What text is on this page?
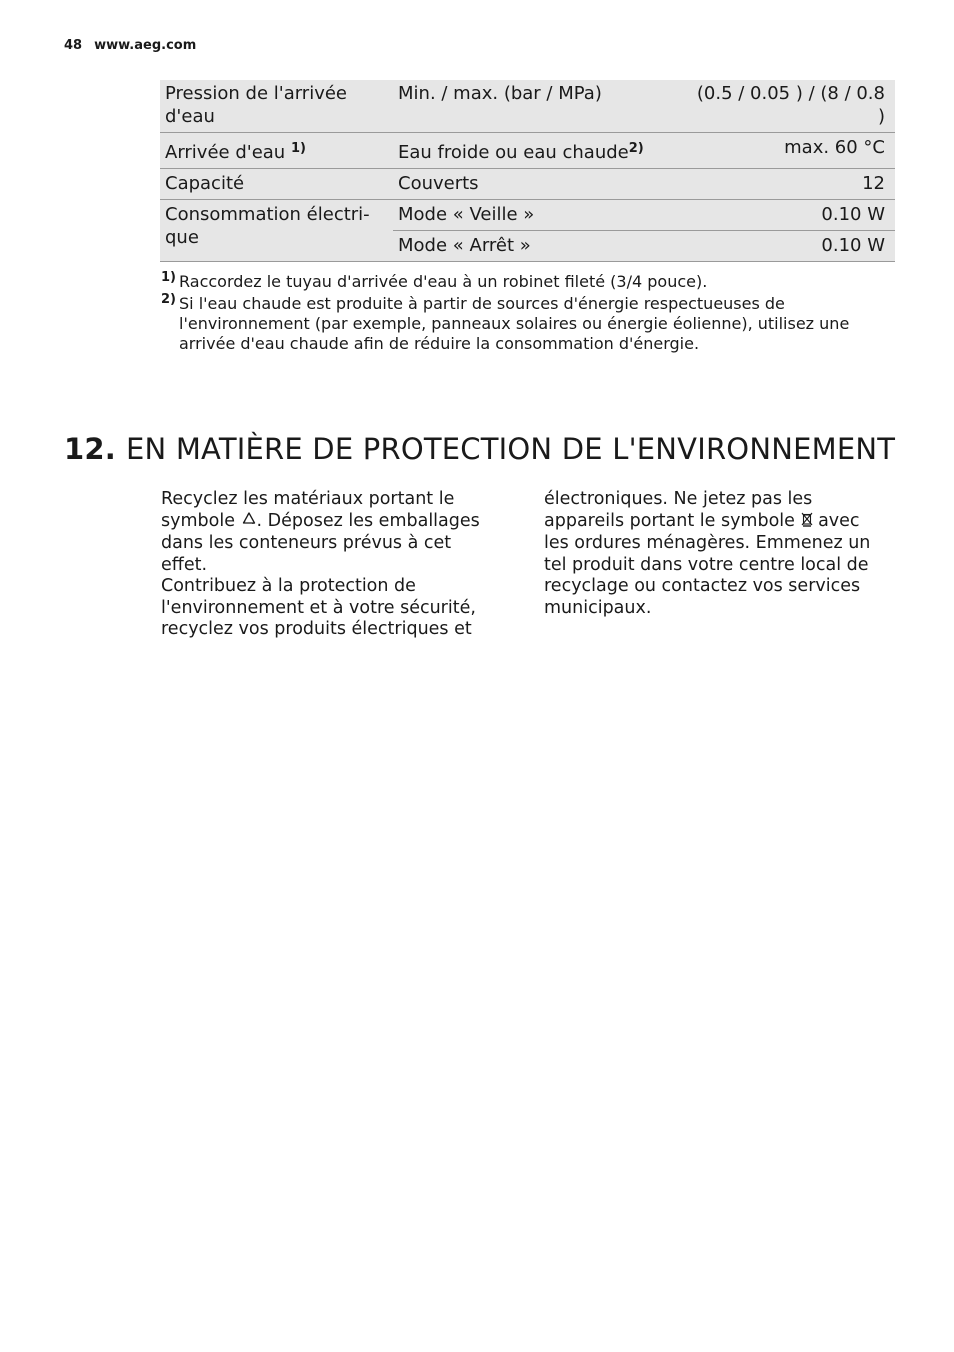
48 www.aeg.com
Pression de l'arrivée d'eau	Min. / max. (bar / MPa)	(0.5 / 0.05 ) / (8 / 0.8 )
Arrivée d'eau $^{1)}$	Eau froide ou eau chaude$^{2)}$	max. 60 °C
Capacité	Couverts	12
Consommation électri- que	Mode « Veille »	0.10 W
	Mode « Arrêt »	0.10 W
1) Raccordez le tuyau d'arrivée d'eau à un robinet fileté (3/4 pouce).
2) Si l'eau chaude est produite à partir de sources d'énergie respectueuses de l'environnement (par exemple, panneaux solaires ou énergie éolienne), utilisez une arrivée d'eau chaude afin de réduire la consommation d'énergie.
12. EN MATIÈRE DE PROTECTION DE L'ENVIRONNEMENT

Recyclez les matériaux portant le symbole . Déposez les emballages dans les conteneurs prévus à cet effet.

Contribuez à la protection de l'environnement et à votre sécurité, recyclez vos produits électriques et

électroniques. Ne jetez pas les appareils portant le symbole avec les ordures ménagères. Emmenez un tel produit dans votre centre local de recyclage ou contactez vos services municipaux.
